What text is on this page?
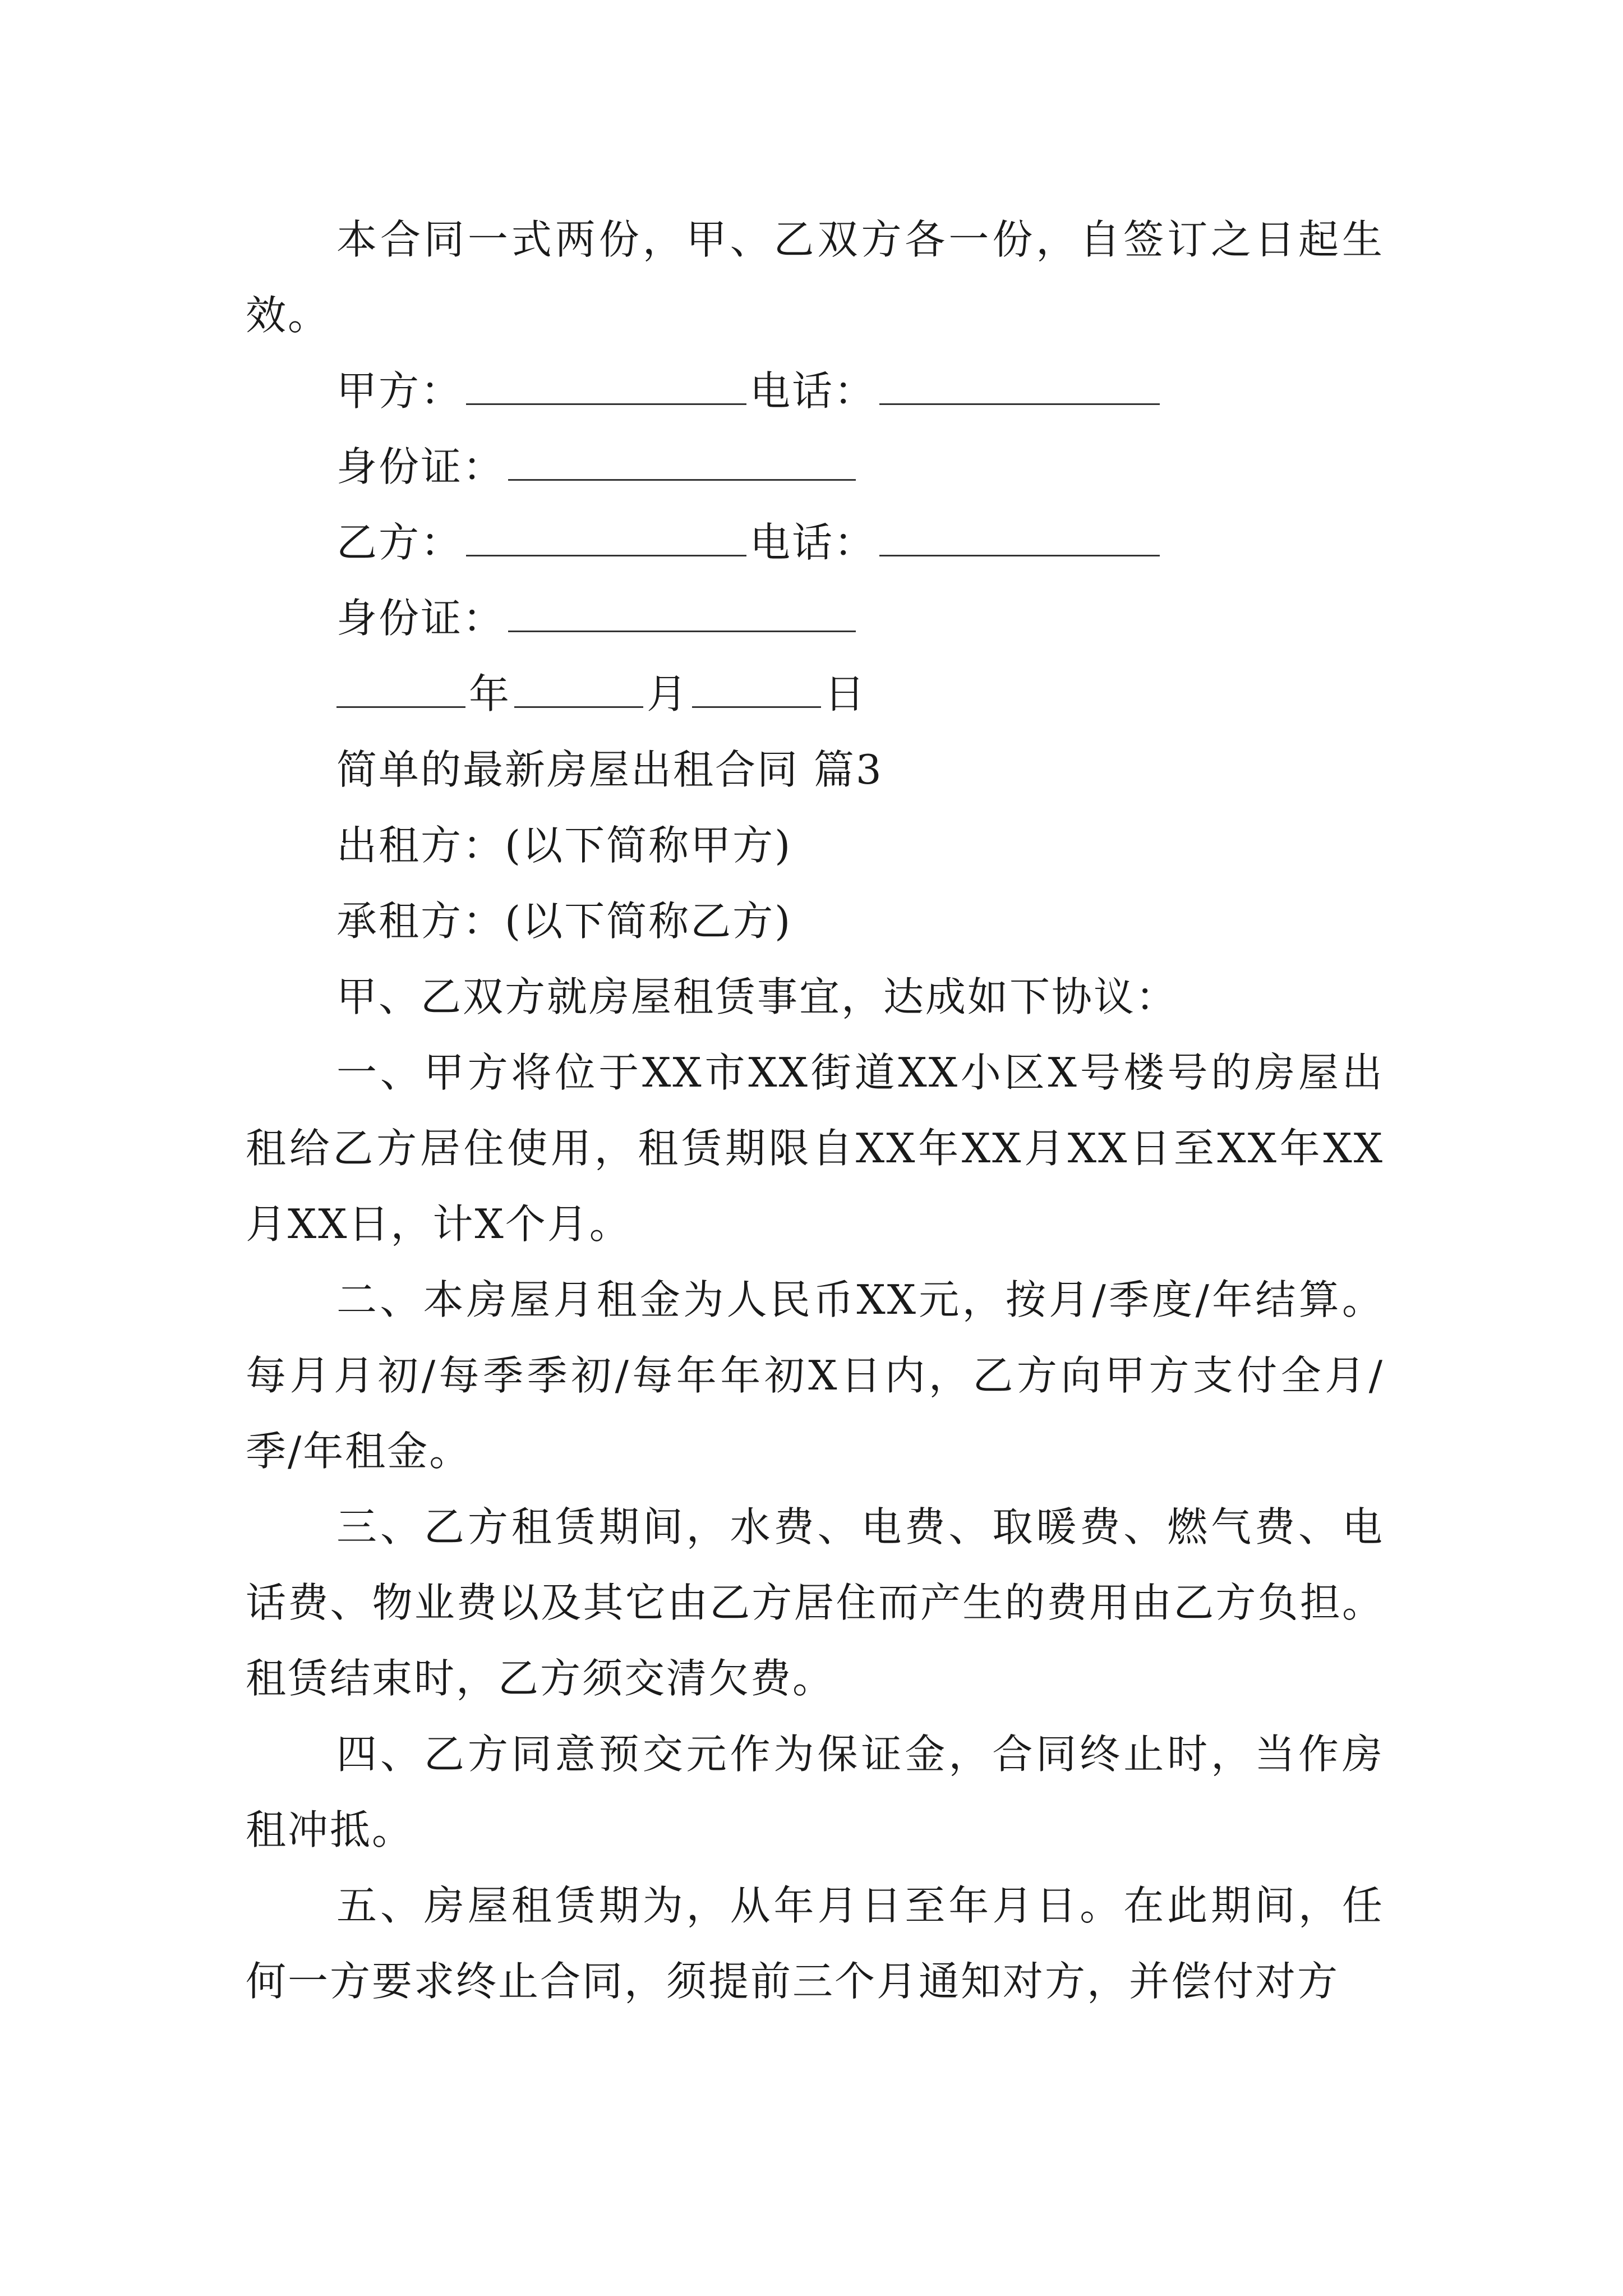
本合同一式两份，甲、乙双方各一份，自签订之日起生效。

甲方：	电话：
身份证：
乙方：	电话：
身份证：
年	月	日
简单的最新房屋出租合同 篇3
出租方：(以下简称甲方)
承租方：(以下简称乙方)

甲、乙双方就房屋租赁事宜，达成如下协议：

一、甲方将位于XX市XX街道XX小区X号楼号的房屋出租给乙方居住使用，租赁期限自XX年XX月XX日至XX年XX月XX日，计X个月。

二、本房屋月租金为人民币XX元，按月/季度/年结算。每月月初/每季季初/每年年初X日内，乙方向甲方支付全月/季/年租金。

三、乙方租赁期间，水费、电费、取暖费、燃气费、电话费、物业费以及其它由乙方居住而产生的费用由乙方负担。租赁结束时，乙方须交清欠费。

四、乙方同意预交元作为保证金，合同终止时，当作房租冲抵。

五、房屋租赁期为，从年月日至年月日。在此期间，任何一方要求终止合同，须提前三个月通知对方，并偿付对方
